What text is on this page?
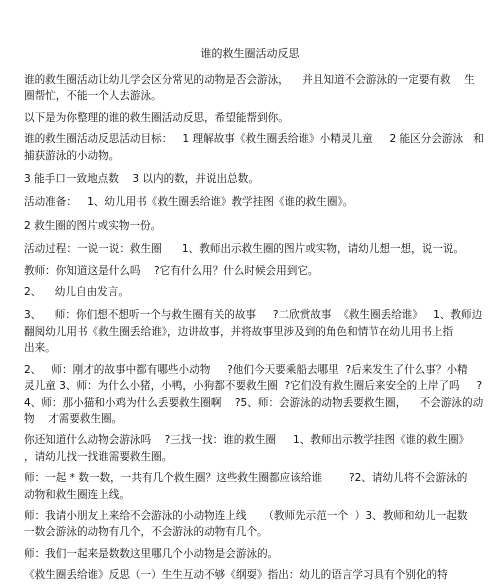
谁的救生圈活动反思

谁的救生圈活动让幼儿学会区分常见的动物是否会游泳，    并且知道不会游泳的一定要有救    生圈帮忙，不能一个人去游泳。

以下是为你整理的谁的救生圈活动反思，希望能帮到你。

谁的救生圈活动反思活动目标：   1 理解故事《救生圈丢给谁》小精灵儿童     2 能区分会游泳   和捕获游泳的小动物。

3 能手口一致地点数    3 以内的数，并说出总数。

活动准备：   1、幼儿用书《救生圈丢给谁》教学挂图《谁的救生圈》。

2 救生圈的图片或实物一份。

活动过程：一说一说：救生圈      1、教师出示救生圈的图片或实物，请幼儿想一想，说一说。

教师：你知道这是什么吗    ?它有什么用？什么时候会用到它。

2、    幼儿自由发言。

3、    师：你们想不想听一个与救生圈有关的故事     ?二欣赏故事  《救生圈丢给谁》   1、教师边  翻阅幼儿用书《救生圈丢给谁》，边讲故事，并将故事里涉及到的角色和情节在幼儿用书上指       出来。

2、   师：刚才的故事中都有哪些小动物     ?他们今天要乘船去哪里  ?后来发生了什么事？小精    灵儿童 3、师：为什么小猪，小鸭，小狗都不要救生圈  ?它们没有救生圈后来安全的上岸了吗     ?4、师：那小猫和小鸡为什么丢要救生圈啊    ?5、师：会游泳的动物丢要救生圈，    不会游泳的动物    才需要救生圈。

你还知道什么动物会游泳吗    ?三找一找：谁的救生圈     1、教师出示教学挂图《谁的救生圈》      ，请幼儿找一找谁需要救生圈。

师：一起 * 数一数，一共有几个救生圈？这些救生圈都应该给谁        ?2、请幼儿将不会游泳的    动物和救生圈连上线。

师：我请小朋友上来给不会游泳的小动物连上线     （教师先示范一个  ）3、教师和幼儿一起数    一数会游泳的动物有几个，不会游泳的动物有几个。

师：我们一起来是数数这里哪几个小动物是会游泳的。

《救生圈丢给谁》反思（一）生生互动不够《纲耍》指出：幼儿的语言学习具有个别化的特
